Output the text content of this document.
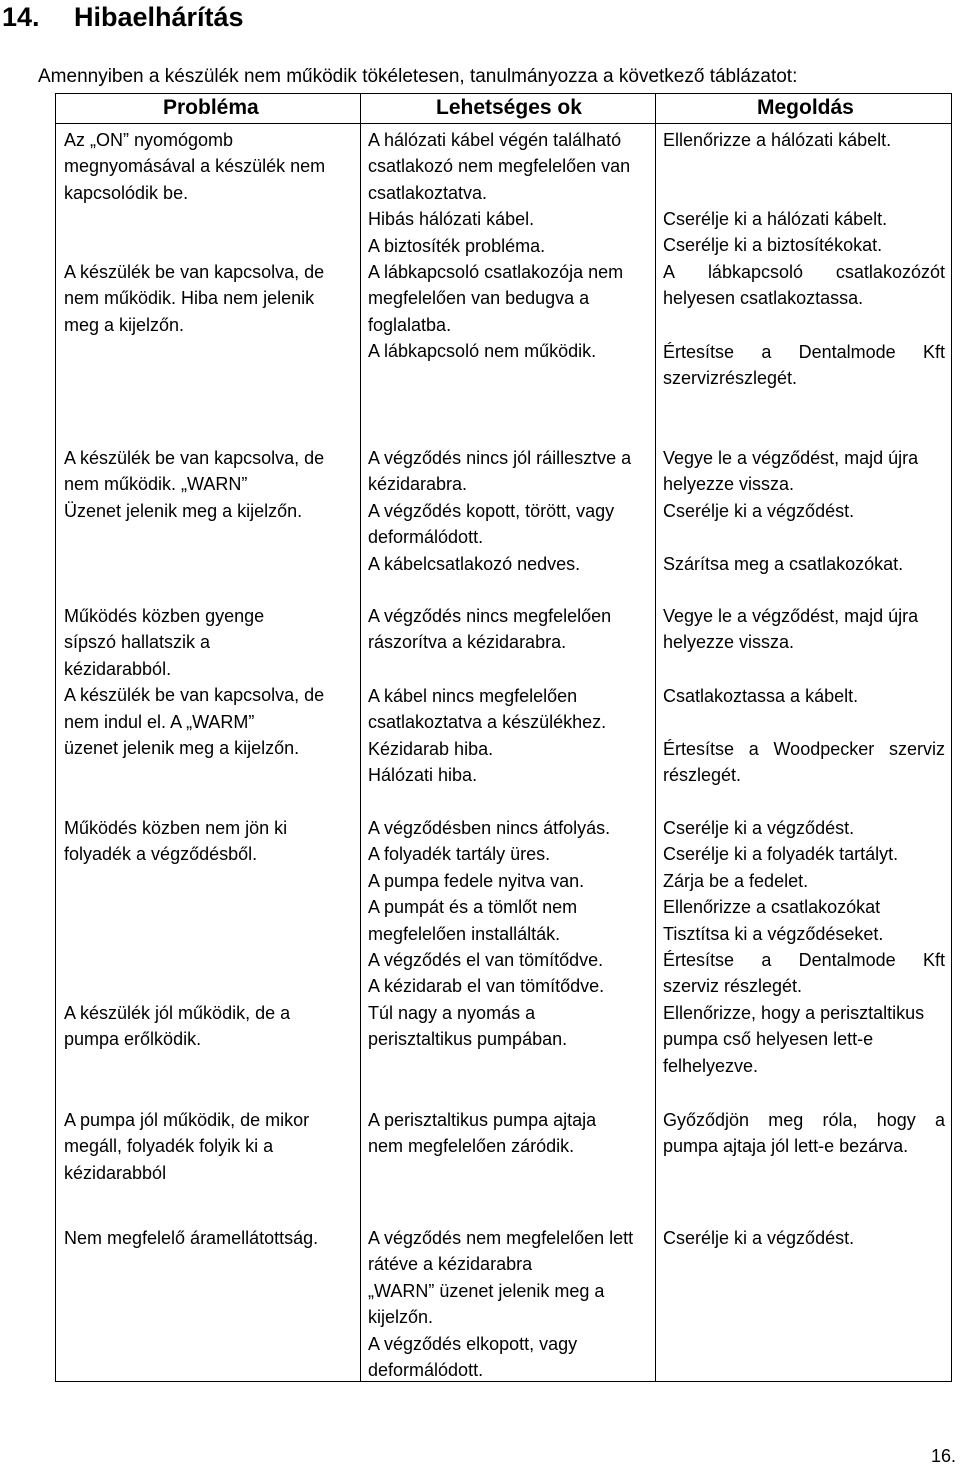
14. Hibaelhárítás
Amennyiben a készülék nem működik tökéletesen, tanulmányozza a következő táblázatot:
Probléma	Lehetséges ok	Megoldás
Az „ON” nyomógomb
megnyomásával a készülék nem
kapcsolódik be.
A készülék be van kapcsolva, de
nem működik. Hiba nem jelenik
meg a kijelzőn.
A készülék be van kapcsolva, de
nem működik. „WARN”
Üzenet jelenik meg a kijelzőn.
Működés közben gyenge
sípszó hallatszik a
kézidarabból.
A készülék be van kapcsolva, de
nem indul el. A „WARM”
üzenet jelenik meg a kijelzőn.
Működés közben nem jön ki
folyadék a végződésből.
A készülék jól működik, de a
pumpa erőlködik.
A pumpa jól működik, de mikor
megáll, folyadék folyik ki a
kézidarabból
Nem megfelelő áramellátottság.
A hálózati kábel végén található
csatlakozó nem megfelelően van
csatlakoztatva.
Hibás hálózati kábel.
A biztosíték probléma.
A lábkapcsoló csatlakozója nem
megfelelően van bedugva a
foglalatba.
A lábkapcsoló nem működik.
A végződés nincs jól ráillesztve a
kézidarabra.
A végződés kopott, törött, vagy
deformálódott.
A kábelcsatlakozó nedves.
A végződés nincs megfelelően
rászorítva a kézidarabra.
A kábel nincs megfelelően
csatlakoztatva a készülékhez.
Kézidarab hiba.
Hálózati hiba.
A végződésben nincs átfolyás.
A folyadék tartály üres.
A pumpa fedele nyitva van.
A pumpát és a tömlőt nem
megfelelően installálták.
A végződés el van tömítődve.
A kézidarab el van tömítődve.
Túl nagy a nyomás a
perisztaltikus pumpában.
A perisztaltikus pumpa ajtaja
nem megfelelően záródik.
A végződés nem megfelelően lett
rátéve a kézidarabra
„WARN” üzenet jelenik meg a
kijelzőn.
A végződés elkopott, vagy
deformálódott.
Ellenőrizze a hálózati kábelt.
Cserélje ki a hálózati kábelt.
Cserélje ki a biztosítékokat.
A lábkapcsoló csatlakozózót
helyesen csatlakoztassa.
Értesítse a Dentalmode Kft
szervizrészlegét.
Vegye le a végződést, majd újra
helyezze vissza.
Cserélje ki a végződést.
Szárítsa meg a csatlakozókat.
Vegye le a végződést, majd újra
helyezze vissza.
Csatlakoztassa a kábelt.
Értesítse a Woodpecker szerviz
részlegét.
Cserélje ki a végződést.
Cserélje ki a folyadék tartályt.
Zárja be a fedelet.
Ellenőrizze a csatlakozókat
Tisztítsa ki a végződéseket.
Értesítse a Dentalmode Kft
szerviz részlegét.
Ellenőrizze, hogy a perisztaltikus
pumpa cső helyesen lett-e
felhelyezve.
Győződjön meg róla, hogy a
pumpa ajtaja jól lett-e bezárva.
Cserélje ki a végződést.
16.
